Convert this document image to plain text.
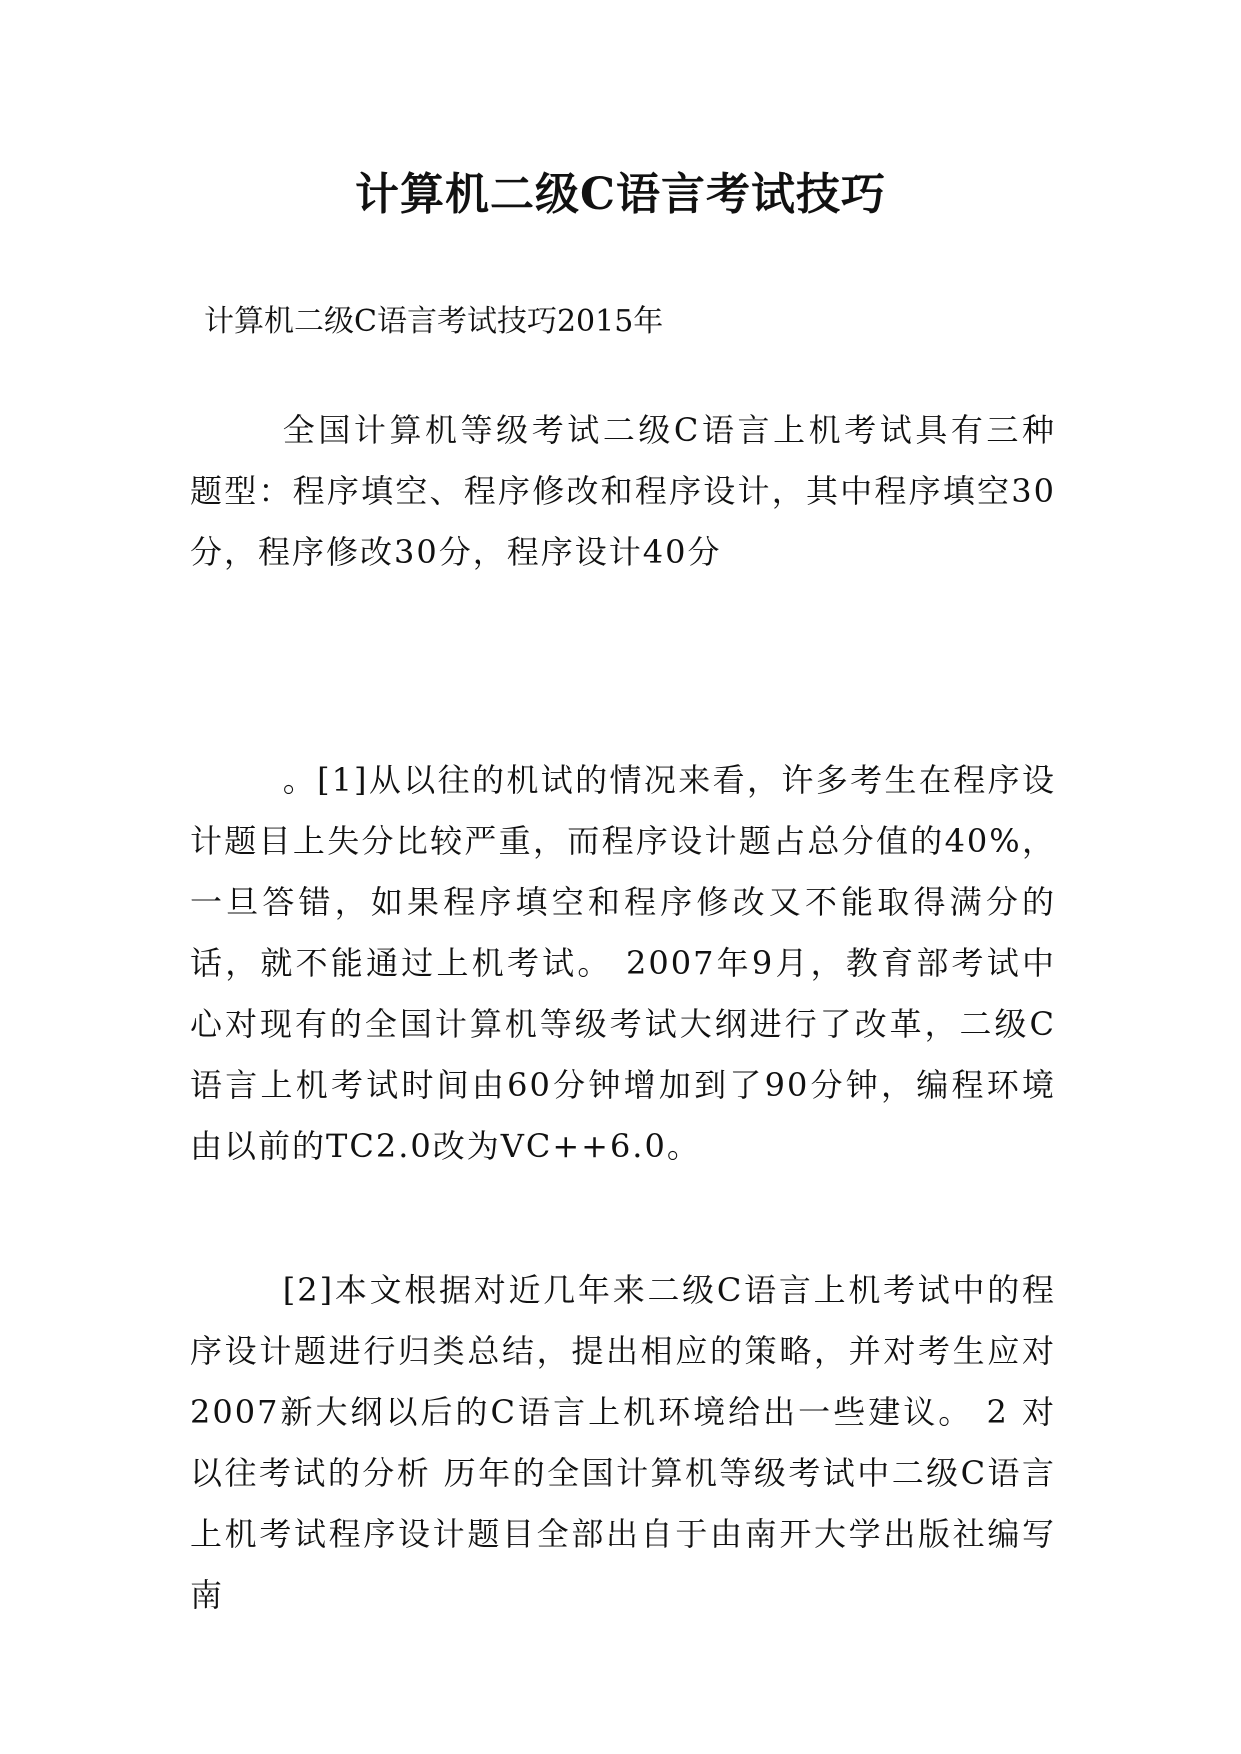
计算机二级C语言考试技巧

计算机二级C语言考试技巧2015年

全国计算机等级考试二级C语言上机考试具有三种题型：程序填空、程序修改和程序设计，其中程序填空30分，程序修改30分，程序设计40分

。[1]从以往的机试的情况来看，许多考生在程序设计题目上失分比较严重，而程序设计题占总分值的40%，一旦答错，如果程序填空和程序修改又不能取得满分的话，就不能通过上机考试。 2007年9月，教育部考试中心对现有的全国计算机等级考试大纲进行了改革，二级C语言上机考试时间由60分钟增加到了90分钟，编程环境由以前的TC2.0改为VC++6.0。

[2]本文根据对近几年来二级C语言上机考试中的程序设计题进行归类总结，提出相应的策略，并对考生应对2007新大纲以后的C语言上机环境给出一些建议。 2 对以往考试的分析 历年的全国计算机等级考试中二级C语言上机考试程序设计题目全部出自于由南开大学出版社编写南
